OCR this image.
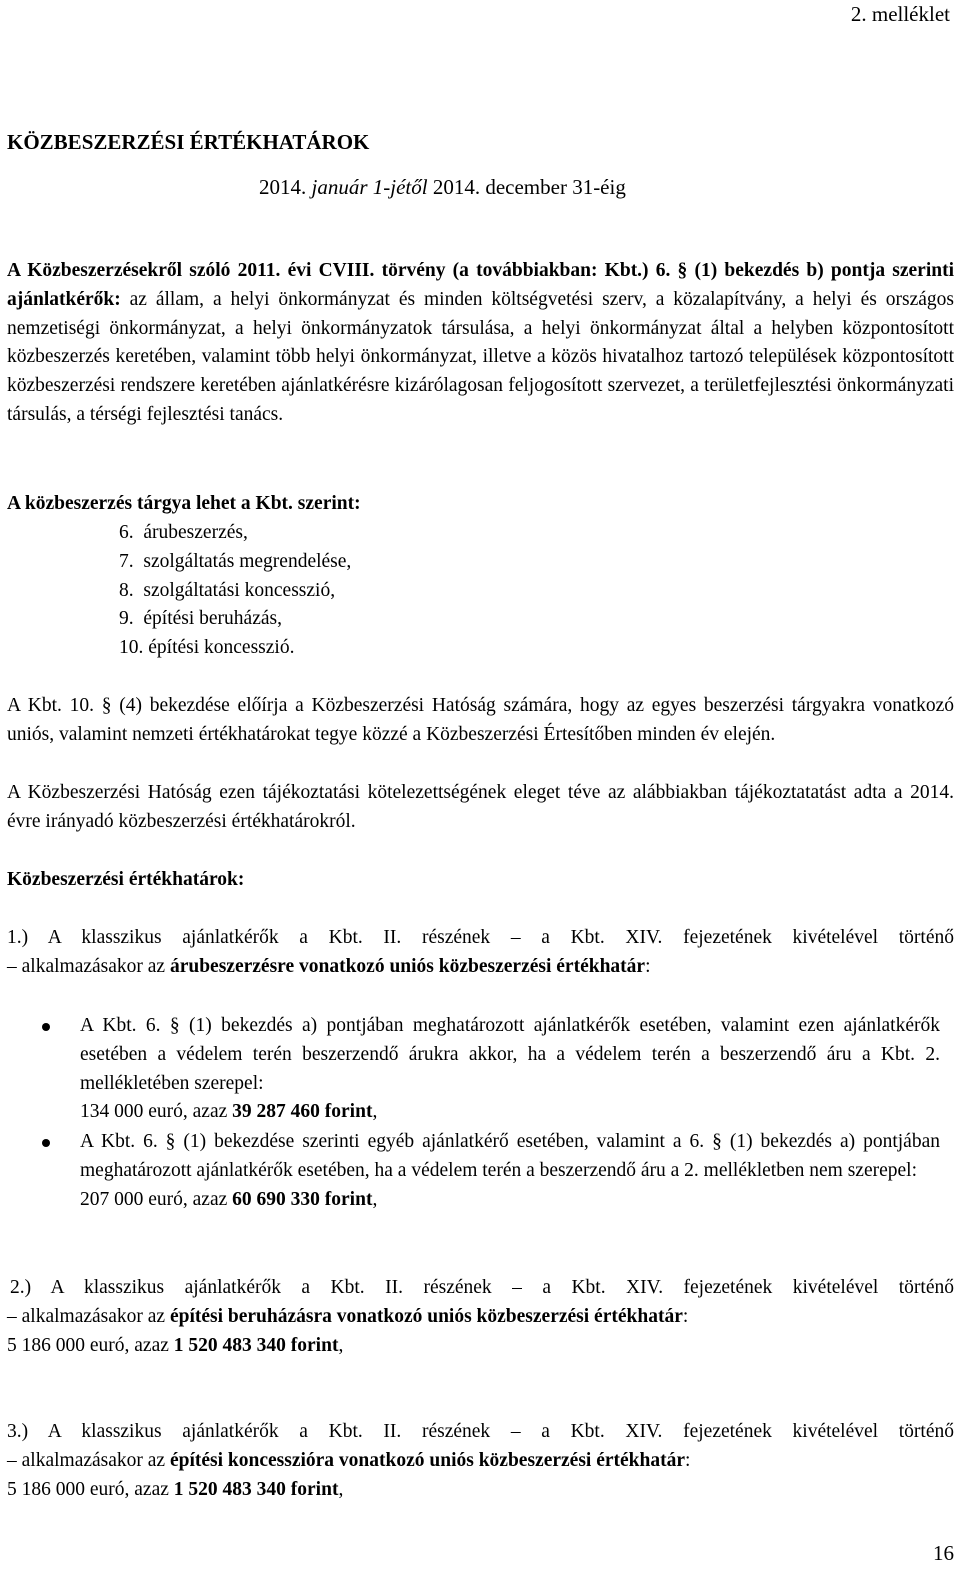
2. melléklet
KÖZBESZERZÉSI ÉRTÉKHATÁROK
2014. január 1-jétől 2014. december 31-éig
A Közbeszerzésekről szóló 2011. évi CVIII. törvény (a továbbiakban: Kbt.) 6. § (1) bekezdés b) pontja szerinti ajánlatkérők: az állam, a helyi önkormányzat és minden költségvetési szerv, a közalapítvány, a helyi és országos nemzetiségi önkormányzat, a helyi önkormányzatok társulása, a helyi önkormányzat által a helyben központosított közbeszerzés keretében, valamint több helyi önkormányzat, illetve a közös hivatalhoz tartozó települések központosított közbeszerzési rendszere keretében ajánlatkérésre kizárólagosan feljogosított szervezet, a területfejlesztési önkormányzati társulás, a térségi fejlesztési tanács.
A közbeszerzés tárgya lehet a Kbt. szerint:
6.  árubeszerzés,
7.  szolgáltatás megrendelése,
8.  szolgáltatási koncesszió,
9.  építési beruházás,
10. építési koncesszió.
A Kbt. 10. § (4) bekezdése előírja a Közbeszerzési Hatóság számára, hogy az egyes beszerzési tárgyakra vonatkozó uniós, valamint nemzeti értékhatárokat tegye közzé a Közbeszerzési Értesítőben minden év elején.
A Közbeszerzési Hatóság ezen tájékoztatási kötelezettségének eleget téve az alábbiakban tájékoztatatást adta a 2014. évre irányadó közbeszerzési értékhatárokról.
Közbeszerzési értékhatárok:
1.) A klasszikus ajánlatkérők a Kbt. II. részének – a Kbt. XIV. fejezetének kivételével történő
– alkalmazásakor az árubeszerzésre vonatkozó uniós közbeszerzési értékhatár:
A Kbt. 6. § (1) bekezdés a) pontjában meghatározott ajánlatkérők esetében, valamint ezen ajánlatkérők esetében a védelem terén beszerzendő árukra akkor, ha a védelem terén a beszerzendő áru a Kbt. 2. mellékletében szerepel:
134 000 euró, azaz 39 287 460 forint,
A Kbt. 6. § (1) bekezdése szerinti egyéb ajánlatkérő esetében, valamint a 6. § (1) bekezdés a) pontjában meghatározott ajánlatkérők esetében, ha a védelem terén a beszerzendő áru a 2. mellékletben nem szerepel:
207 000 euró, azaz 60 690 330 forint,
2.) A klasszikus ajánlatkérők a Kbt. II. részének – a Kbt. XIV. fejezetének kivételével történő
– alkalmazásakor az építési beruházásra vonatkozó uniós közbeszerzési értékhatár:
5 186 000 euró, azaz 1 520 483 340 forint,
3.) A klasszikus ajánlatkérők a Kbt. II. részének – a Kbt. XIV. fejezetének kivételével történő
– alkalmazásakor az építési koncesszióra vonatkozó uniós közbeszerzési értékhatár:
5 186 000 euró, azaz 1 520 483 340 forint,
16
